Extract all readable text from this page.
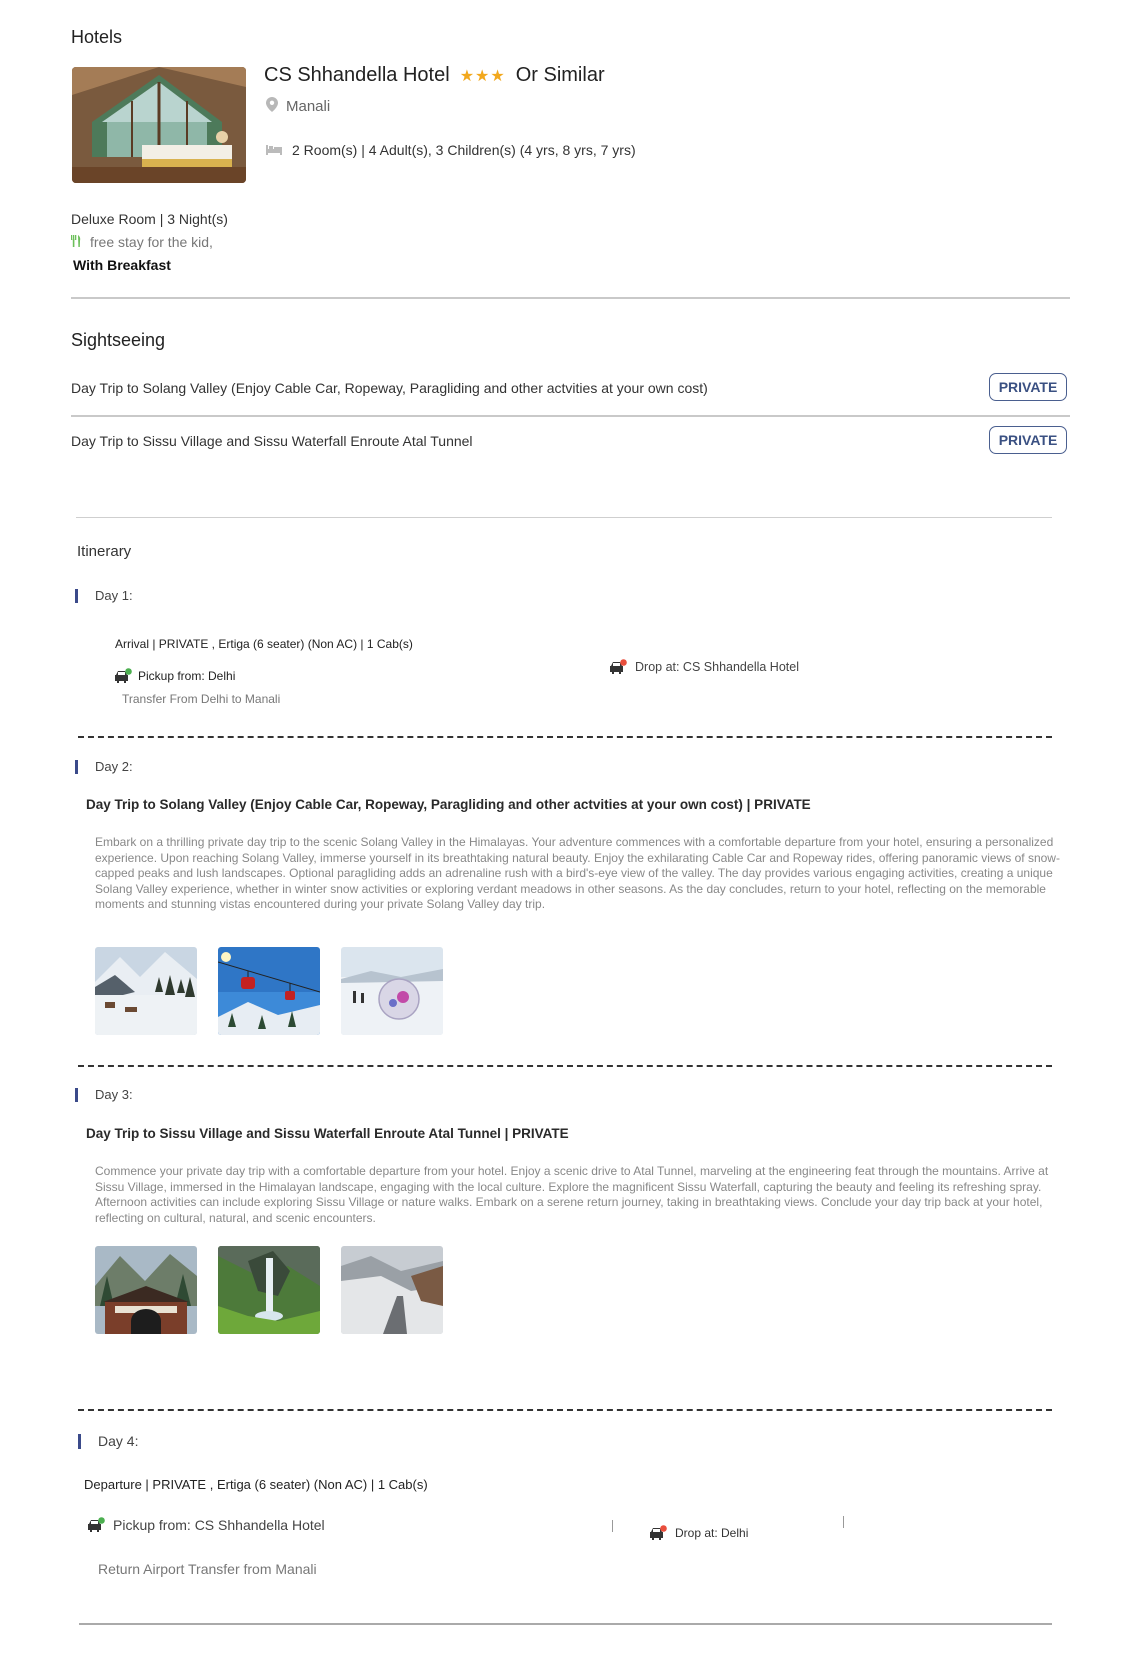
Hotels
CS Shhandella Hotel ★★★ Or Similar
Manali
2 Room(s) | 4 Adult(s), 3 Children(s) (4 yrs, 8 yrs, 7 yrs)
Deluxe Room | 3 Night(s)
free stay for the kid,
With Breakfast
Sightseeing
Day Trip to Solang Valley (Enjoy Cable Car, Ropeway, Paragliding and other actvities at your own cost)	PRIVATE
Day Trip to Sissu Village and Sissu Waterfall Enroute Atal Tunnel	PRIVATE
Itinerary
Day 1:
Arrival | PRIVATE , Ertiga (6 seater) (Non AC) | 1 Cab(s)
Pickup from: Delhi
Transfer From Delhi to Manali
Drop at: CS Shhandella Hotel
Day 2:
Day Trip to Solang Valley (Enjoy Cable Car, Ropeway, Paragliding and other actvities at your own cost) | PRIVATE
Embark on a thrilling private day trip to the scenic Solang Valley in the Himalayas. Your adventure commences with a comfortable departure from your hotel, ensuring a personalized experience. Upon reaching Solang Valley, immerse yourself in its breathtaking natural beauty. Enjoy the exhilarating Cable Car and Ropeway rides, offering panoramic views of snow-capped peaks and lush landscapes. Optional paragliding adds an adrenaline rush with a bird's-eye view of the valley. The day provides various engaging activities, creating a unique Solang Valley experience, whether in winter snow activities or exploring verdant meadows in other seasons. As the day concludes, return to your hotel, reflecting on the memorable moments and stunning vistas encountered during your private Solang Valley day trip.
Day 3:
Day Trip to Sissu Village and Sissu Waterfall Enroute Atal Tunnel | PRIVATE
Commence your private day trip with a comfortable departure from your hotel. Enjoy a scenic drive to Atal Tunnel, marveling at the engineering feat through the mountains. Arrive at Sissu Village, immersed in the Himalayan landscape, engaging with the local culture. Explore the magnificent Sissu Waterfall, capturing the beauty and feeling its refreshing spray. Afternoon activities can include exploring Sissu Village or nature walks. Embark on a serene return journey, taking in breathtaking views. Conclude your day trip back at your hotel, reflecting on cultural, natural, and scenic encounters.
Day 4:
Departure | PRIVATE , Ertiga (6 seater) (Non AC) | 1 Cab(s)
Pickup from: CS Shhandella Hotel	Drop at: Delhi
Return Airport Transfer from Manali
